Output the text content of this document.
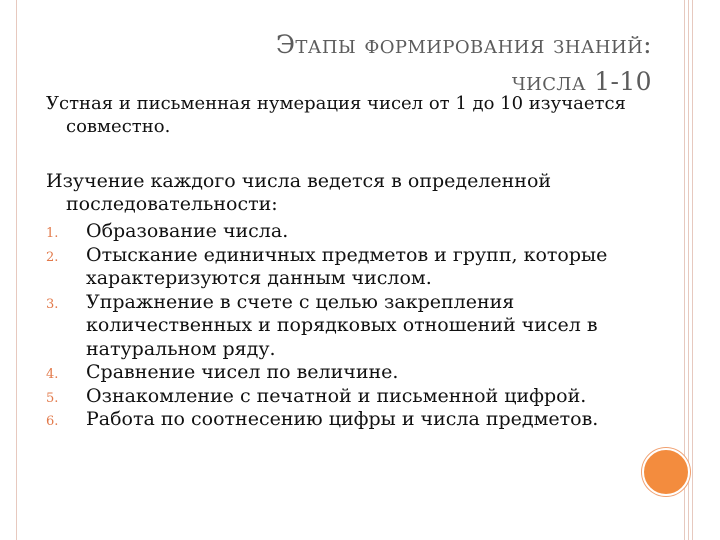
Этапы формирования знаний:
числа 1-10

Устная и письменная нумерация чисел от 1 до 10 изучается совместно.

Изучение каждого числа ведется в определенной последовательности:

1. Образование числа.
2. Отыскание единичных предметов и групп, которые характеризуются данным числом.
3. Упражнение в счете с целью закрепления количественных и порядковых отношений чисел в натуральном ряду.
4. Сравнение чисел по величине.
5. Ознакомление с печатной и письменной цифрой.
6. Работа по соотнесению цифры и числа предметов.
